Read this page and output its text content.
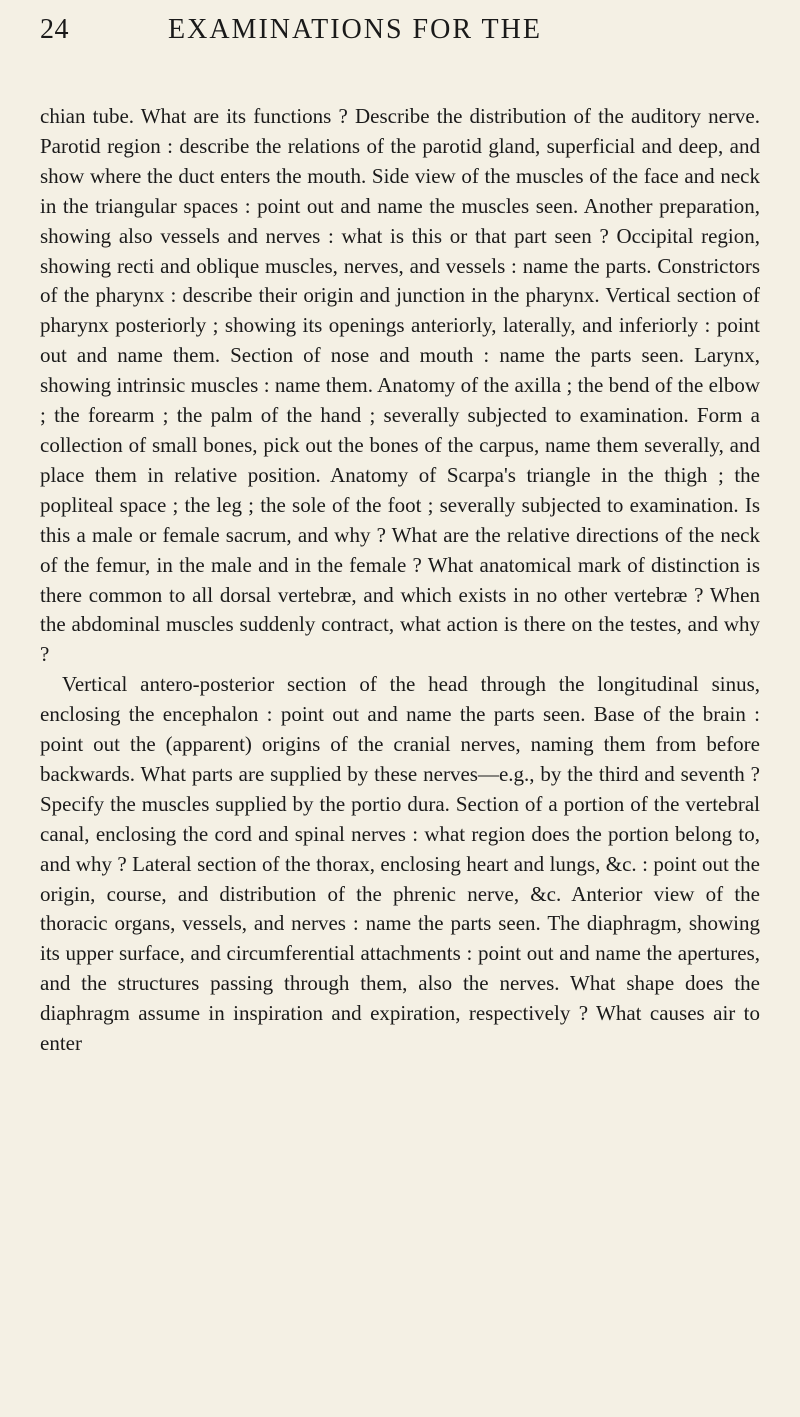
24	EXAMINATIONS FOR THE

chian tube. What are its functions ? Describe the distribution of the auditory nerve. Parotid region : describe the relations of the parotid gland, superficial and deep, and show where the duct enters the mouth. Side view of the muscles of the face and neck in the triangular spaces : point out and name the muscles seen. Another preparation, showing also vessels and nerves : what is this or that part seen ? Occipital region, showing recti and oblique muscles, nerves, and vessels : name the parts. Constrictors of the pharynx : describe their origin and junction in the pharynx. Vertical section of pharynx posteriorly ; showing its openings anteriorly, laterally, and inferiorly : point out and name them. Section of nose and mouth : name the parts seen. Larynx, showing intrinsic muscles : name them. Anatomy of the axilla ; the bend of the elbow ; the forearm ; the palm of the hand ; severally subjected to examination. Form a collection of small bones, pick out the bones of the carpus, name them severally, and place them in relative position. Anatomy of Scarpa's triangle in the thigh ; the popliteal space ; the leg ; the sole of the foot ; severally subjected to examination. Is this a male or female sacrum, and why ? What are the relative directions of the neck of the femur, in the male and in the female ? What anatomical mark of distinction is there common to all dorsal vertebræ, and which exists in no other vertebræ ? When the abdominal muscles suddenly contract, what action is there on the testes, and why ?

Vertical antero-posterior section of the head through the longitudinal sinus, enclosing the encephalon : point out and name the parts seen. Base of the brain : point out the (apparent) origins of the cranial nerves, naming them from before backwards. What parts are supplied by these nerves—e.g., by the third and seventh ? Specify the muscles supplied by the portio dura. Section of a portion of the vertebral canal, enclosing the cord and spinal nerves : what region does the portion belong to, and why ? Lateral section of the thorax, enclosing heart and lungs, &c. : point out the origin, course, and distribution of the phrenic nerve, &c. Anterior view of the thoracic organs, vessels, and nerves : name the parts seen. The diaphragm, showing its upper surface, and circumferential attachments : point out and name the apertures, and the structures passing through them, also the nerves. What shape does the diaphragm assume in inspiration and expiration, respectively ? What causes air to enter
